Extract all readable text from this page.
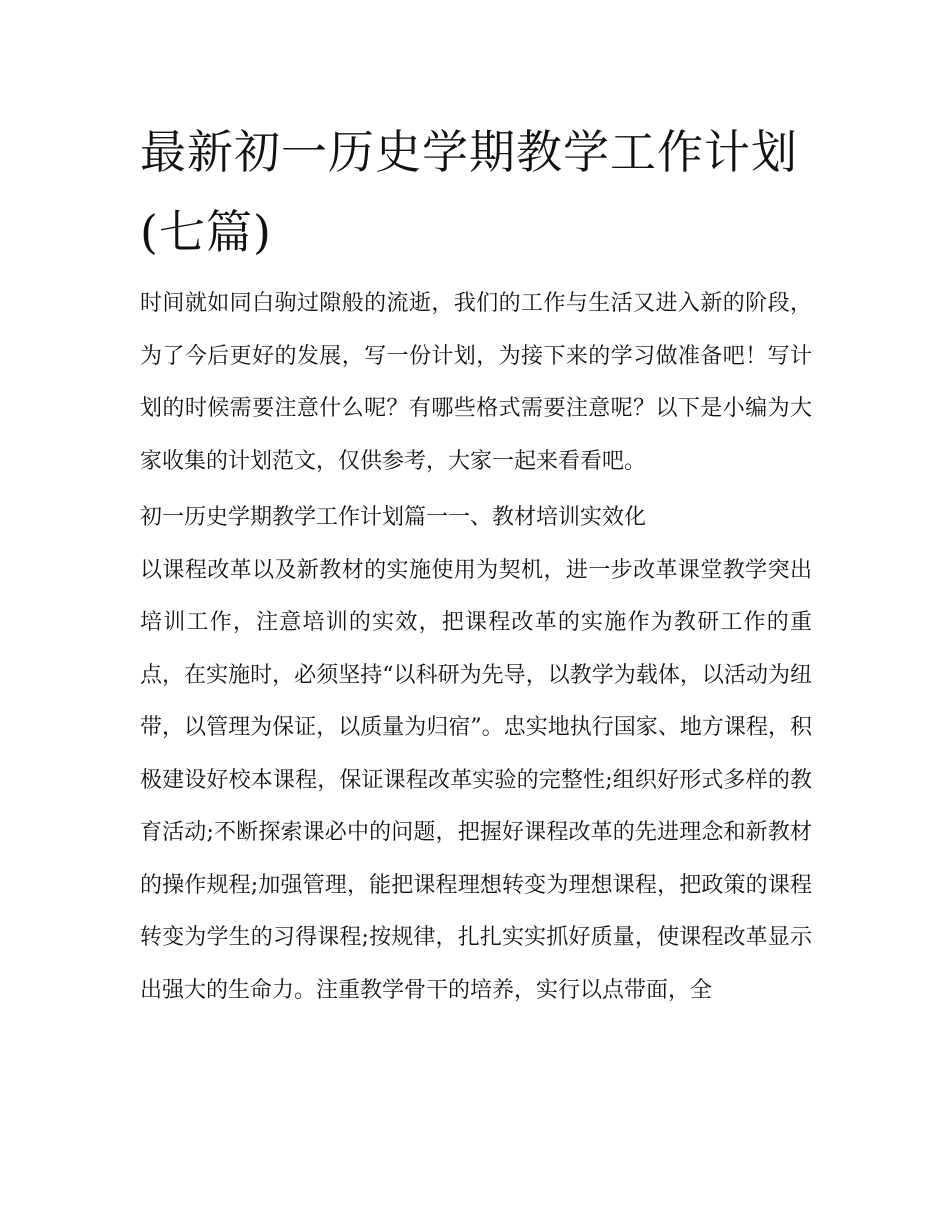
最新初一历史学期教学工作计划(七篇)

时间就如同白驹过隙般的流逝，我们的工作与生活又进入新的阶段，为了今后更好的发展，写一份计划，为接下来的学习做准备吧！写计划的时候需要注意什么呢？有哪些格式需要注意呢？以下是小编为大家收集的计划范文，仅供参考，大家一起来看看吧。

初一历史学期教学工作计划篇一一、教材培训实效化

以课程改革以及新教材的实施使用为契机，进一步改革课堂教学突出培训工作，注意培训的实效，把课程改革的实施作为教研工作的重点，在实施时，必须坚持“以科研为先导，以教学为载体，以活动为纽带，以管理为保证，以质量为归宿”。忠实地执行国家、地方课程，积极建设好校本课程，保证课程改革实验的完整性;组织好形式多样的教育活动;不断探索课必中的问题，把握好课程改革的先进理念和新教材的操作规程;加强管理，能把课程理想转变为理想课程，把政策的课程转变为学生的习得课程;按规律，扎扎实实抓好质量，使课程改革显示出强大的生命力。注重教学骨干的培养，实行以点带面，全
